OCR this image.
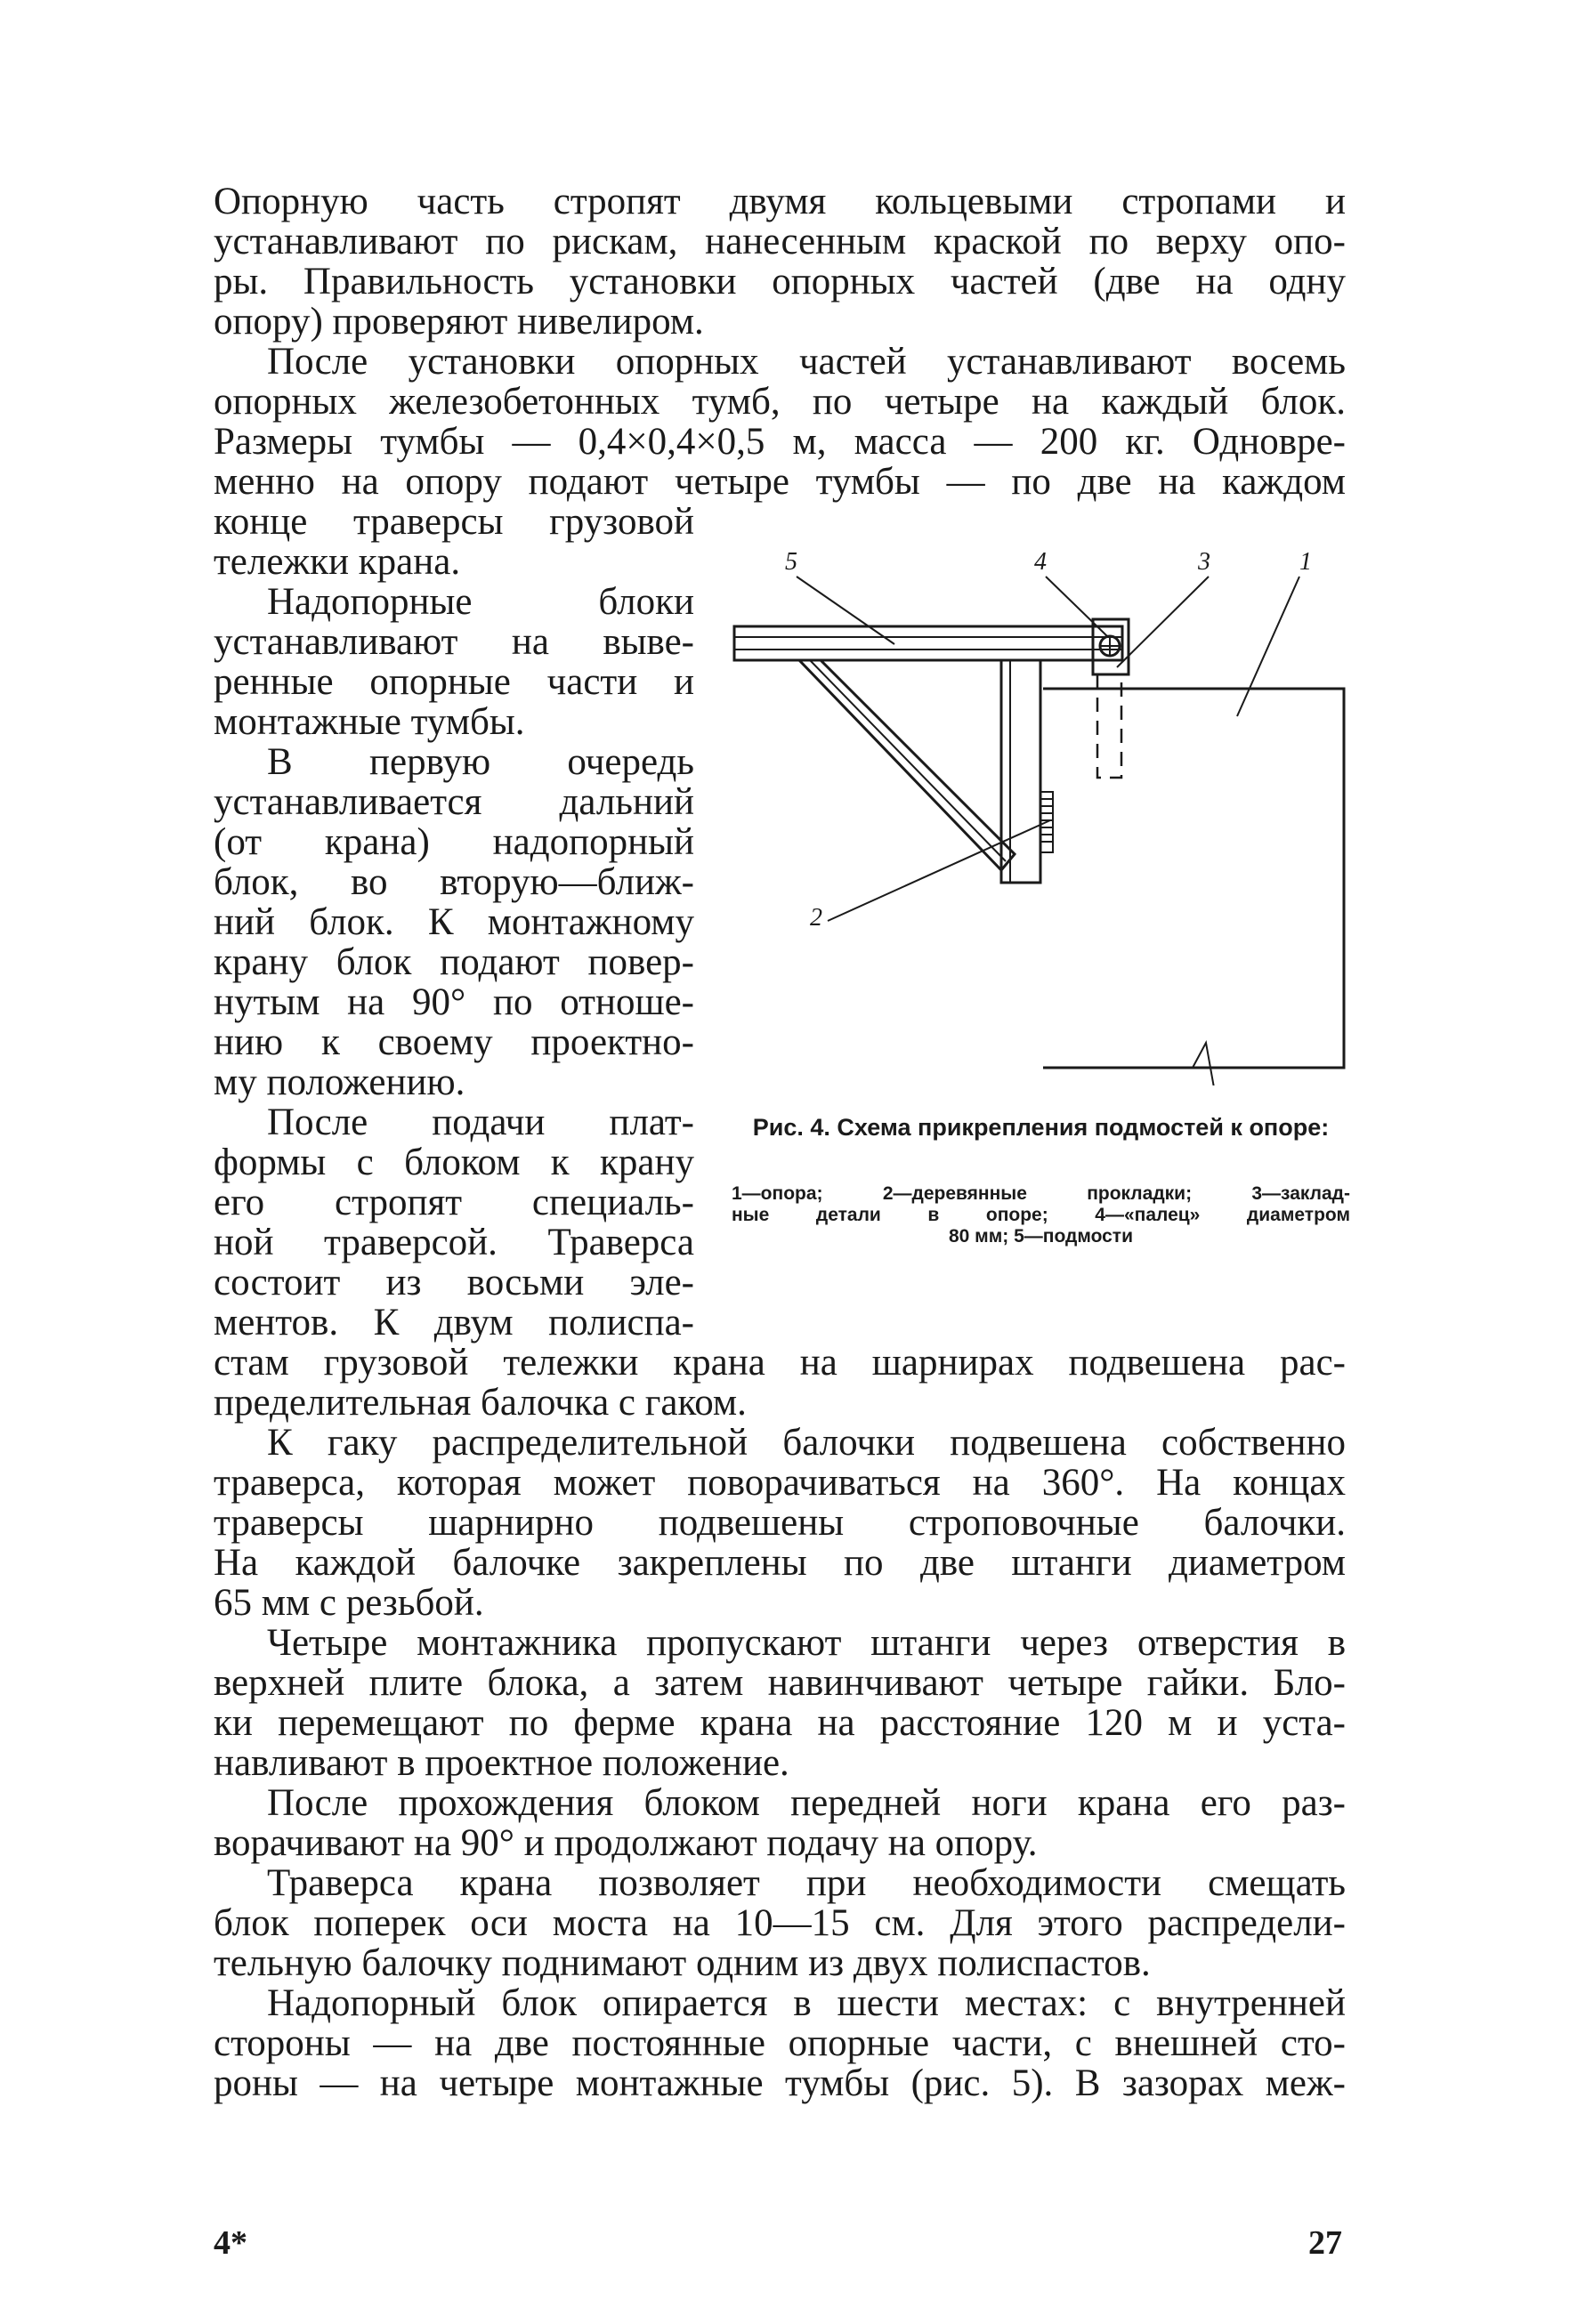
Опорную часть стропят двумя кольцевыми стропами и
устанавливают по рискам, нанесенным краской по верху опо-
ры. Правильность установки опорных частей (две на одну
опору) проверяют нивелиром.
После установки опорных частей устанавливают восемь
опорных железобетонных тумб, по четыре на каждый блок.
Размеры тумбы — 0,4×0,4×0,5 м, масса — 200 кг. Одновре-
менно на опору подают четыре тумбы — по две на каждом
конце траверсы грузовой
тележки крана.
Надопорные блоки
устанавливают на выве-
ренные опорные части и
монтажные тумбы.
В первую очередь
устанавливается дальний
(от крана) надопорный
блок, во вторую—ближ-
ний блок. К монтажному
крану блок подают повер-
нутым на 90° по отноше-
нию к своему проектно-
му положению.
После подачи плат-
формы с блоком к крану
его стропят специаль-
ной траверсой. Траверса
состоит из восьми эле-
ментов. К двум полиспа-
стам грузовой тележки крана на шарнирах подвешена рас-
пределительная балочка с гаком.
К гаку распределительной балочки подвешена собственно
траверса, которая может поворачиваться на 360°. На концах
траверсы шарнирно подвешены строповочные балочки.
На каждой балочке закреплены по две штанги диаметром
65 мм с резьбой.
Четыре монтажника пропускают штанги через отверстия в
верхней плите блока, а затем навинчивают четыре гайки. Бло-
ки перемещают по ферме крана на расстояние 120 м и уста-
навливают в проектное положение.
После прохождения блоком передней ноги крана его раз-
ворачивают на 90° и продолжают подачу на опору.
Траверса крана позволяет при необходимости смещать
блок поперек оси моста на 10—15 см. Для этого распредели-
тельную балочку поднимают одним из двух полиспастов.
Надопорный блок опирается в шести местах: с внутренней
стороны — на две постоянные опорные части, с внешней сто-
роны — на четыре монтажные тумбы (рис. 5). В зазорах меж-
5	4	3	1
2
Рис. 4. Схема прикрепления подмостей к опоре:
1—опора; 2—деревянные прокладки; 3—заклад-
ные детали в опоре; 4—«палец» диаметром
80 мм; 5—подмости
4*	27
